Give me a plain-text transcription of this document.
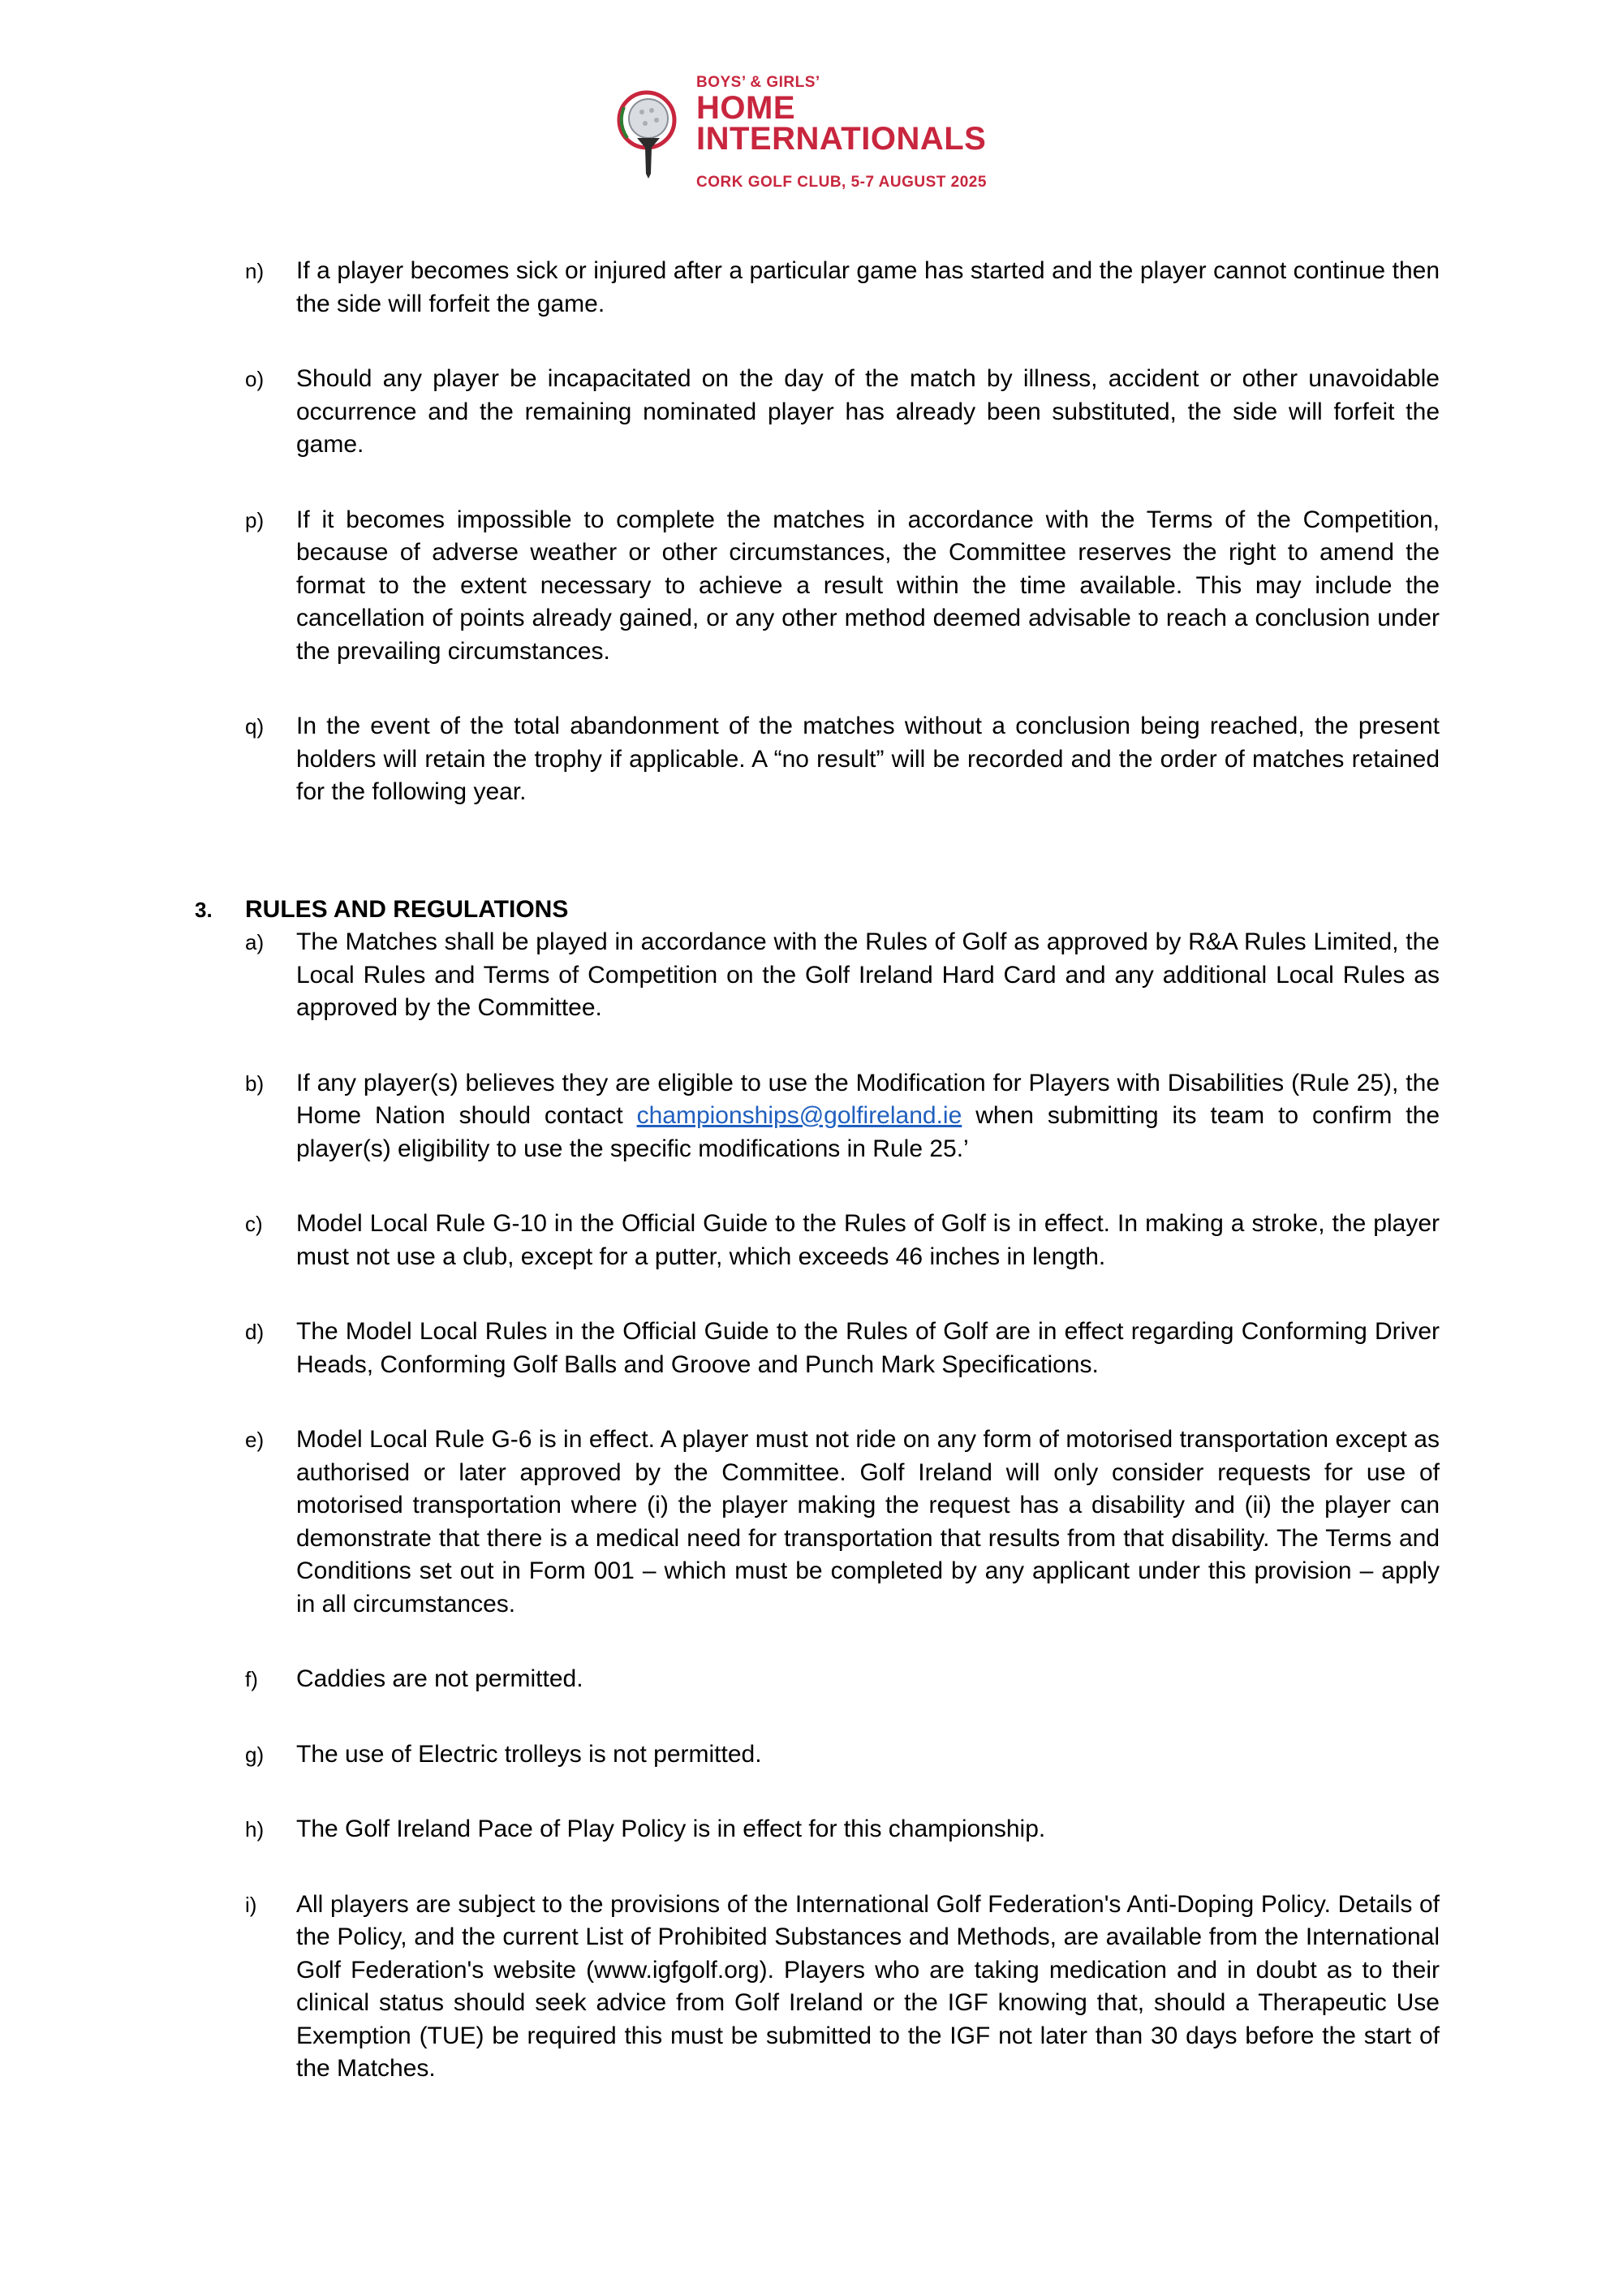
BOYS’ & GIRLS’
HOME
INTERNATIONALS
CORK GOLF CLUB, 5-7 AUGUST 2025
n) If a player becomes sick or injured after a particular game has started and the player cannot continue then the side will forfeit the game.
o) Should any player be incapacitated on the day of the match by illness, accident or other unavoidable occurrence and the remaining nominated player has already been substituted, the side will forfeit the game.
p) If it becomes impossible to complete the matches in accordance with the Terms of the Competition, because of adverse weather or other circumstances, the Committee reserves the right to amend the format to the extent necessary to achieve a result within the time available. This may include the cancellation of points already gained, or any other method deemed advisable to reach a conclusion under the prevailing circumstances.
q) In the event of the total abandonment of the matches without a conclusion being reached, the present holders will retain the trophy if applicable. A “no result” will be recorded and the order of matches retained for the following year.
3. RULES AND REGULATIONS
a) The Matches shall be played in accordance with the Rules of Golf as approved by R&A Rules Limited, the Local Rules and Terms of Competition on the Golf Ireland Hard Card and any additional Local Rules as approved by the Committee.
b) If any player(s) believes they are eligible to use the Modification for Players with Disabilities (Rule 25), the Home Nation should contact championships@golfireland.ie when submitting its team to confirm the player(s) eligibility to use the specific modifications in Rule 25.’
c) Model Local Rule G-10 in the Official Guide to the Rules of Golf is in effect. In making a stroke, the player must not use a club, except for a putter, which exceeds 46 inches in length.
d) The Model Local Rules in the Official Guide to the Rules of Golf are in effect regarding Conforming Driver Heads, Conforming Golf Balls and Groove and Punch Mark Specifications.
e) Model Local Rule G-6 is in effect. A player must not ride on any form of motorised transportation except as authorised or later approved by the Committee. Golf Ireland will only consider requests for use of motorised transportation where (i) the player making the request has a disability and (ii) the player can demonstrate that there is a medical need for transportation that results from that disability. The Terms and Conditions set out in Form 001 – which must be completed by any applicant under this provision – apply in all circumstances.
f) Caddies are not permitted.
g) The use of Electric trolleys is not permitted.
h) The Golf Ireland Pace of Play Policy is in effect for this championship.
i) All players are subject to the provisions of the International Golf Federation's Anti-Doping Policy. Details of the Policy, and the current List of Prohibited Substances and Methods, are available from the International Golf Federation's website (www.igfgolf.org). Players who are taking medication and in doubt as to their clinical status should seek advice from Golf Ireland or the IGF knowing that, should a Therapeutic Use Exemption (TUE) be required this must be submitted to the IGF not later than 30 days before the start of the Matches.
